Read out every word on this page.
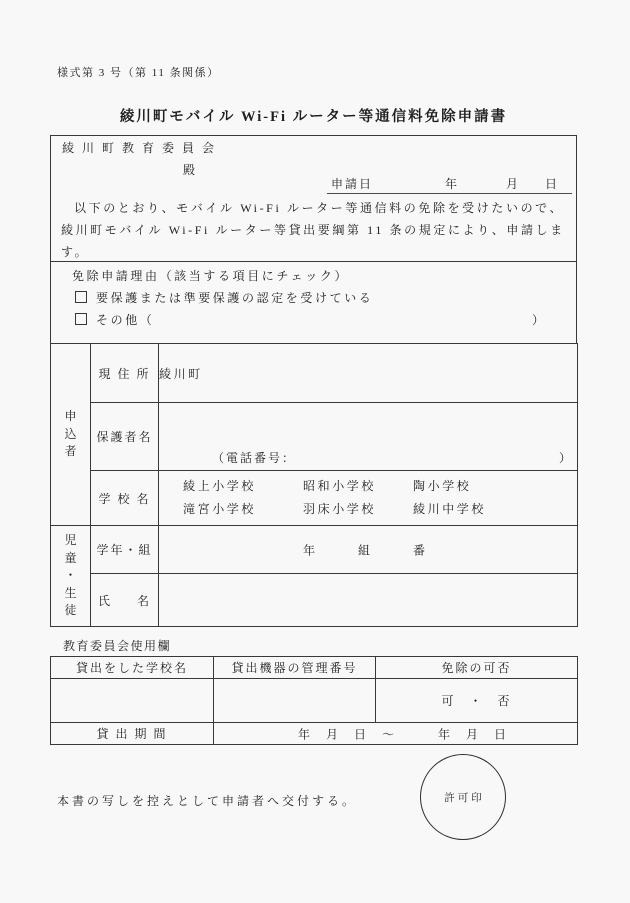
様式第 3 号（第 11 条関係）
綾川町モバイル Wi-Fi ルーター等通信料免除申請書
綾川町教育委員会
殿
申請日	年	月 日
以下のとおり、モバイル Wi-Fi ルーター等通信料の免除を受けたいので、
綾川町モバイル Wi-Fi ルーター等貸出要綱第 11 条の規定により、申請しま
す。
免除申請理由（該当する項目にチェック）
要保護または準要保護の認定を受けている
その他（	）
申込者	現 住 所	綾川町
	保護者名	（電話番号： ）

	学 校 名	綾上小学校 昭和小学校 陶小学校
滝宮小学校 羽床小学校 綾川中学校

児童・生徒	学年・組	年 組 番

	氏 名	

教育委員会使用欄
貸出をした学校名	貸出機器の管理番号	免除の可否
		可　・　否
貸 出 期 間	年　月　日　～ 年　月　日	
本書の写しを控えとして申請者へ交付する。	許可印
